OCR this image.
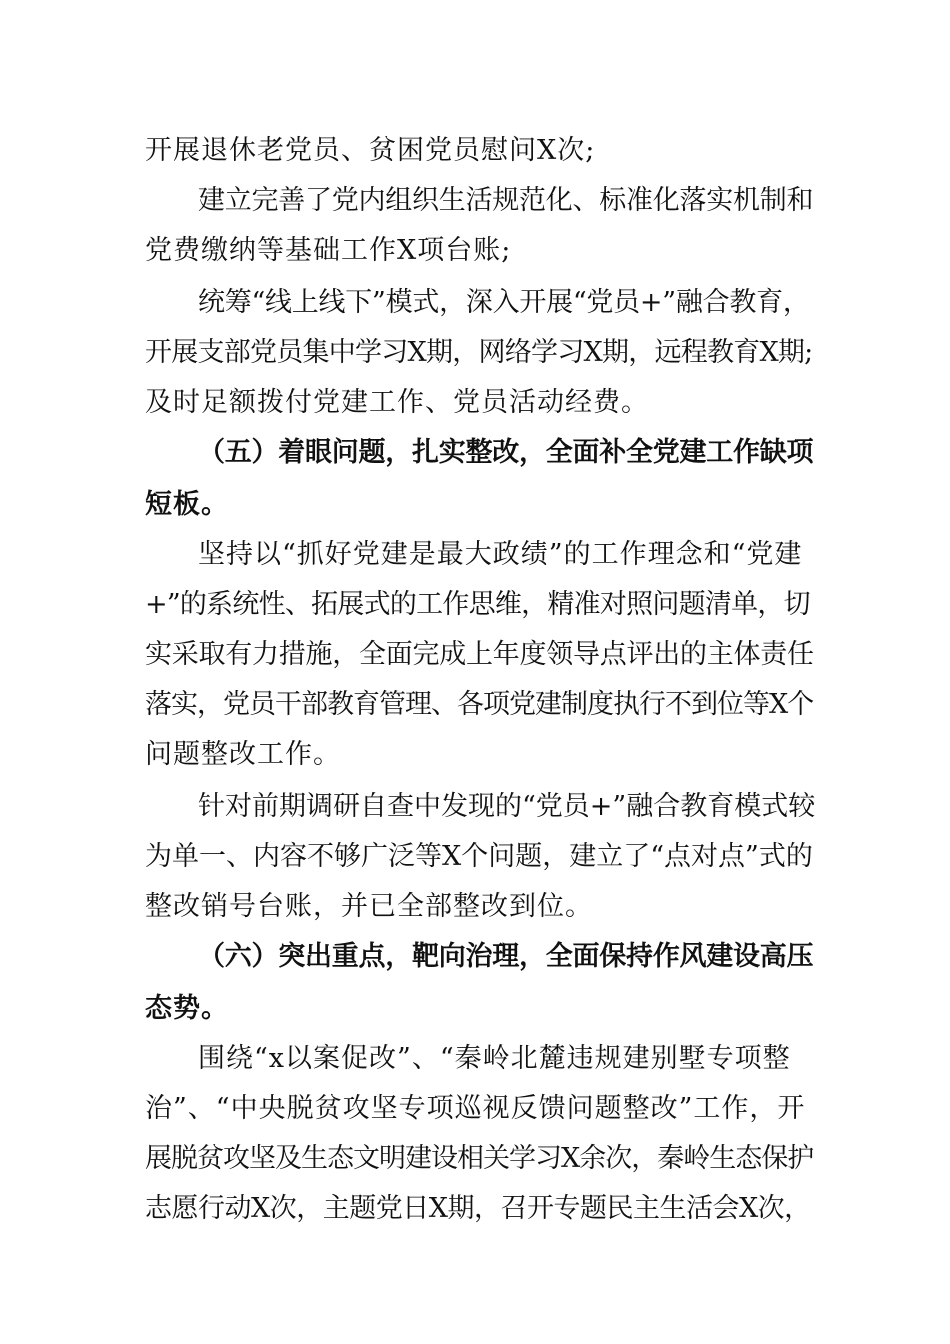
开展退休老党员、贫困党员慰问X次;
建立完善了党内组织生活规范化、标准化落实机制和
党费缴纳等基础工作X项台账;
统筹“线上线下”模式，深入开展“党员+”融合教育，
开展支部党员集中学习X期，网络学习X期，远程教育X期;
及时足额拨付党建工作、党员活动经费。
（五）着眼问题，扎实整改，全面补全党建工作缺项
短板。
坚持以“抓好党建是最大政绩”的工作理念和“党建
+”的系统性、拓展式的工作思维，精准对照问题清单，切
实采取有力措施，全面完成上年度领导点评出的主体责任
落实，党员干部教育管理、各项党建制度执行不到位等X个
问题整改工作。
针对前期调研自查中发现的“党员+”融合教育模式较
为单一、内容不够广泛等X个问题，建立了“点对点”式的
整改销号台账，并已全部整改到位。
（六）突出重点，靶向治理，全面保持作风建设高压
态势。
围绕“x以案促改”、“秦岭北麓违规建别墅专项整
治”、“中央脱贫攻坚专项巡视反馈问题整改”工作，开
展脱贫攻坚及生态文明建设相关学习X余次，秦岭生态保护
志愿行动X次，主题党日X期，召开专题民主生活会X次，
